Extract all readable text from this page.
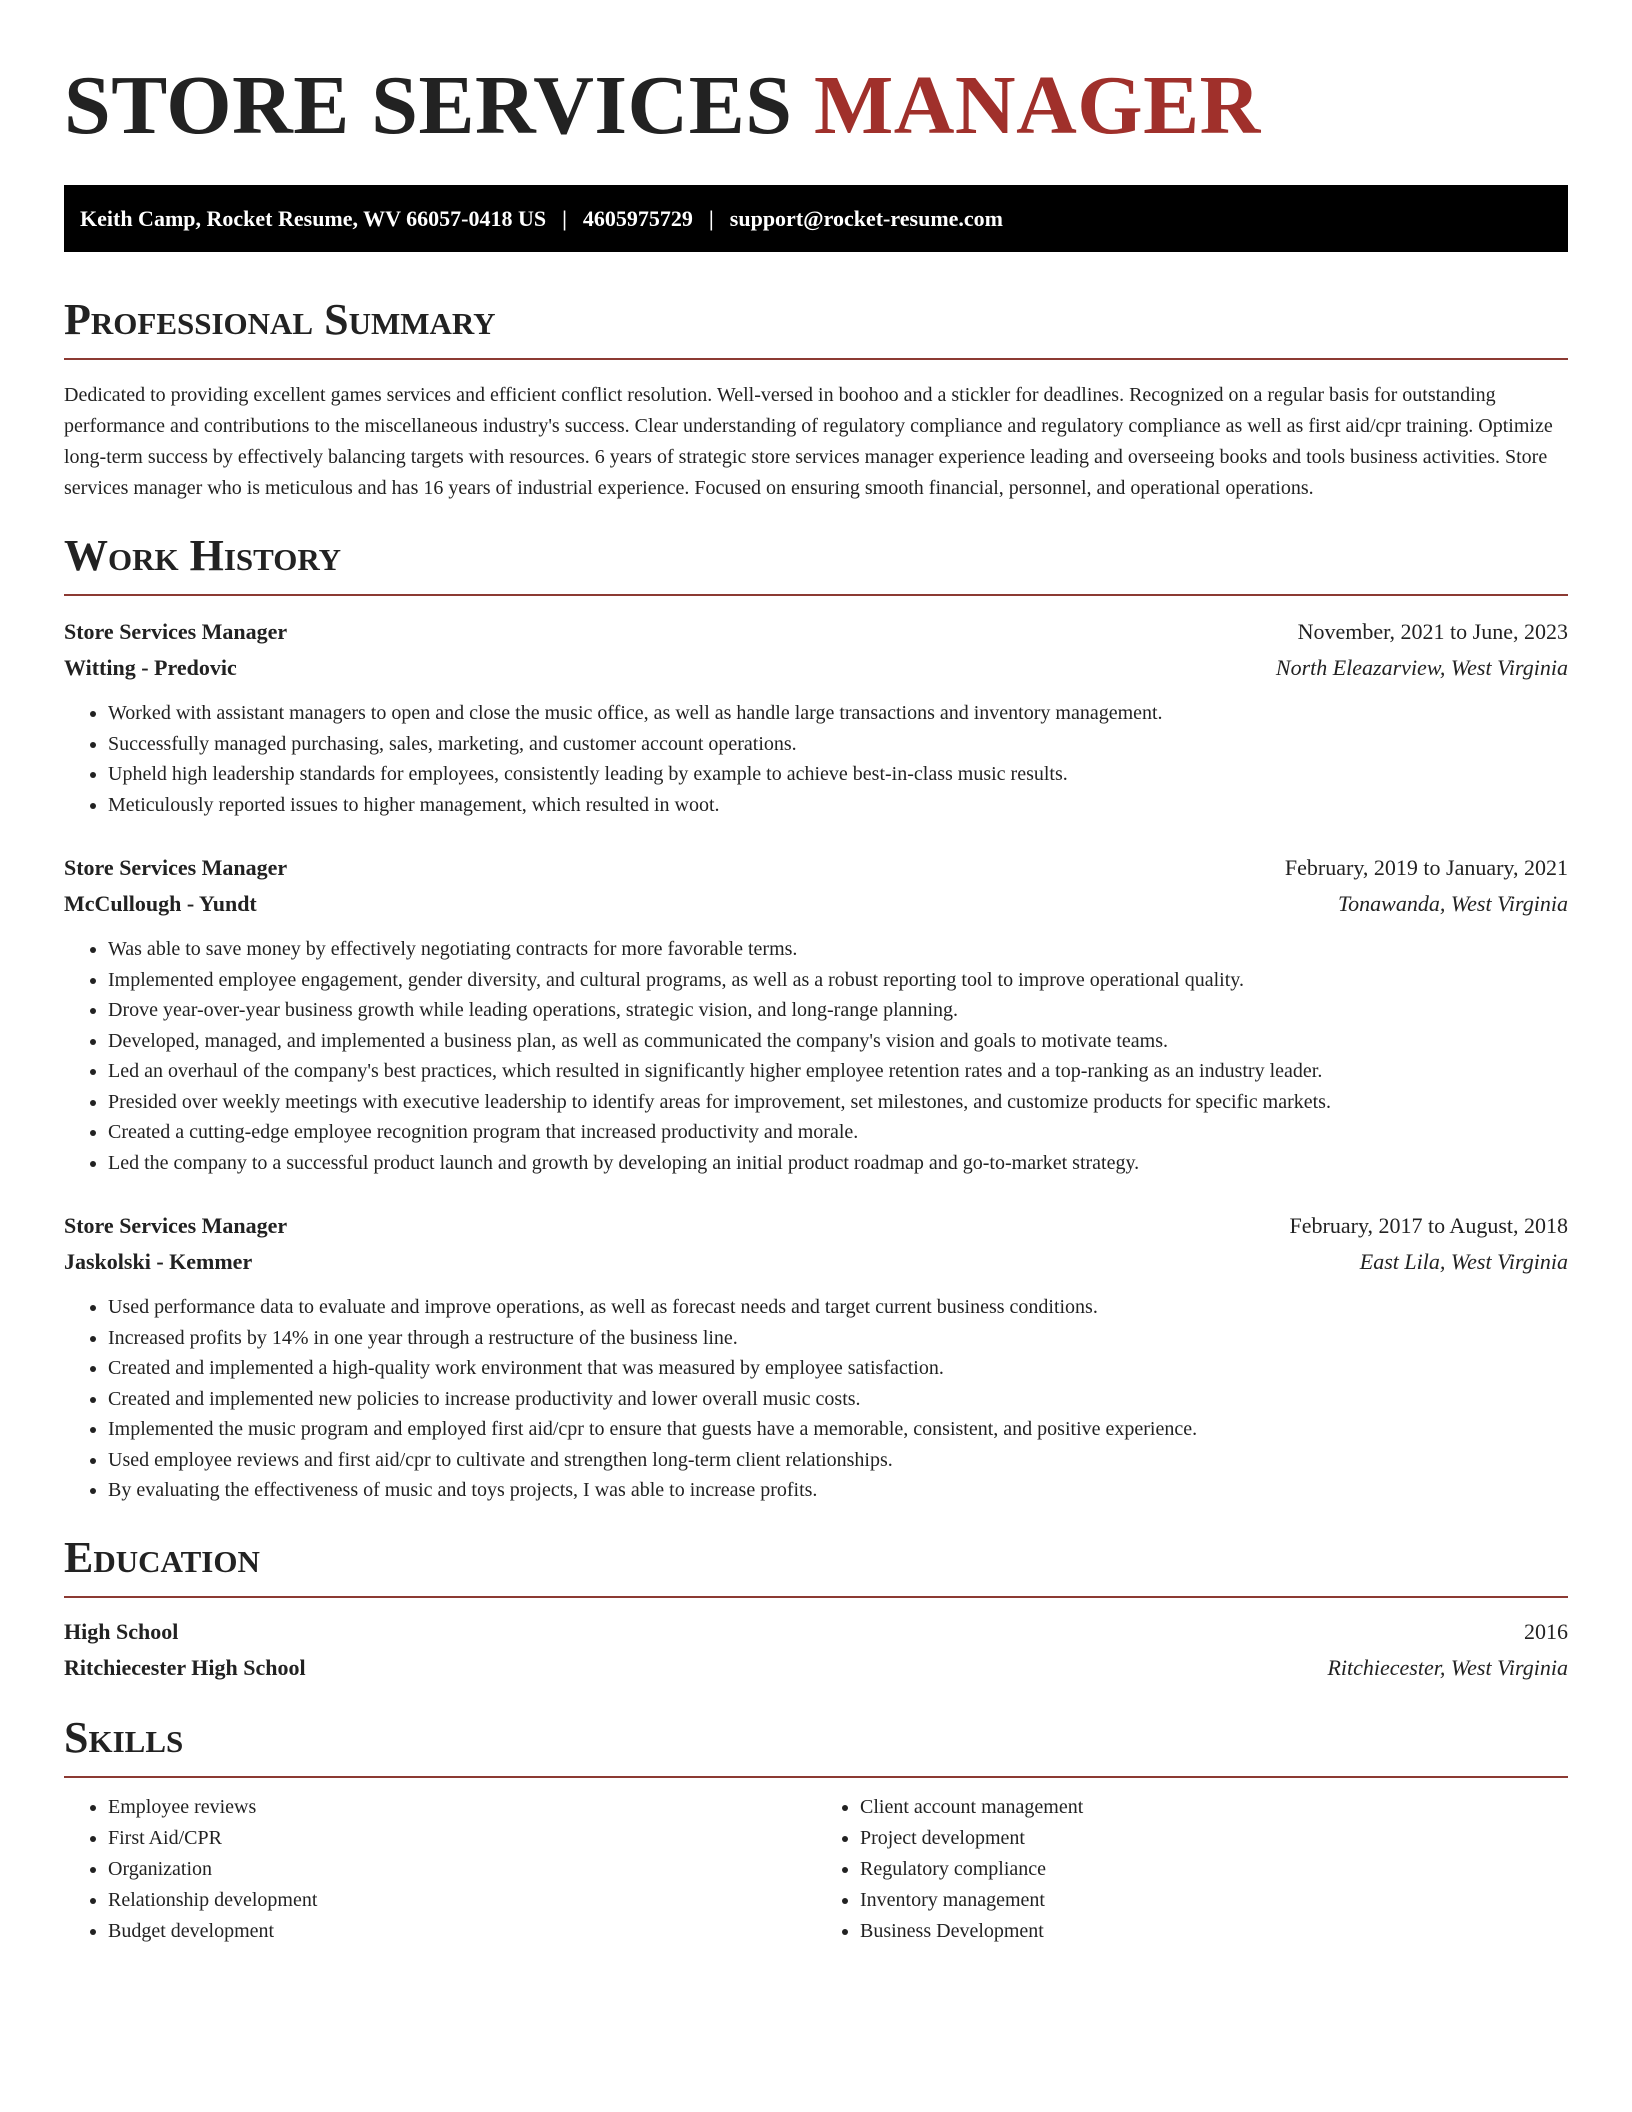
STORE SERVICES MANAGER
Keith Camp, Rocket Resume, WV 66057-0418 US | 4605975729 | support@rocket-resume.com
Professional Summary

Dedicated to providing excellent games services and efficient conflict resolution. Well-versed in boohoo and a stickler for deadlines. Recognized on a regular basis for outstanding performance and contributions to the miscellaneous industry's success. Clear understanding of regulatory compliance and regulatory compliance as well as first aid/cpr training. Optimize long-term success by effectively balancing targets with resources. 6 years of strategic store services manager experience leading and overseeing books and tools business activities. Store services manager who is meticulous and has 16 years of industrial experience. Focused on ensuring smooth financial, personnel, and operational operations.

Work History
Store Services Manager	November, 2021 to June, 2023
Witting - Predovic	North Eleazarview, West Virginia
• Worked with assistant managers to open and close the music office, as well as handle large transactions and inventory management.
• Successfully managed purchasing, sales, marketing, and customer account operations.
• Upheld high leadership standards for employees, consistently leading by example to achieve best-in-class music results.
• Meticulously reported issues to higher management, which resulted in woot.
Store Services Manager	February, 2019 to January, 2021
McCullough - Yundt	Tonawanda, West Virginia
• Was able to save money by effectively negotiating contracts for more favorable terms.
• Implemented employee engagement, gender diversity, and cultural programs, as well as a robust reporting tool to improve operational quality.
• Drove year-over-year business growth while leading operations, strategic vision, and long-range planning.
• Developed, managed, and implemented a business plan, as well as communicated the company's vision and goals to motivate teams.
• Led an overhaul of the company's best practices, which resulted in significantly higher employee retention rates and a top-ranking as an industry leader.
• Presided over weekly meetings with executive leadership to identify areas for improvement, set milestones, and customize products for specific markets.
• Created a cutting-edge employee recognition program that increased productivity and morale.
• Led the company to a successful product launch and growth by developing an initial product roadmap and go-to-market strategy.
Store Services Manager	February, 2017 to August, 2018
Jaskolski - Kemmer	East Lila, West Virginia
• Used performance data to evaluate and improve operations, as well as forecast needs and target current business conditions.
• Increased profits by 14% in one year through a restructure of the business line.
• Created and implemented a high-quality work environment that was measured by employee satisfaction.
• Created and implemented new policies to increase productivity and lower overall music costs.
• Implemented the music program and employed first aid/cpr to ensure that guests have a memorable, consistent, and positive experience.
• Used employee reviews and first aid/cpr to cultivate and strengthen long-term client relationships.
• By evaluating the effectiveness of music and toys projects, I was able to increase profits.
Education
High School	2016
Ritchiecester High School	Ritchiecester, West Virginia
Skills
• Employee reviews
• First Aid/CPR
• Organization
• Relationship development
• Budget development
• Client account management
• Project development
• Regulatory compliance
• Inventory management
• Business Development
